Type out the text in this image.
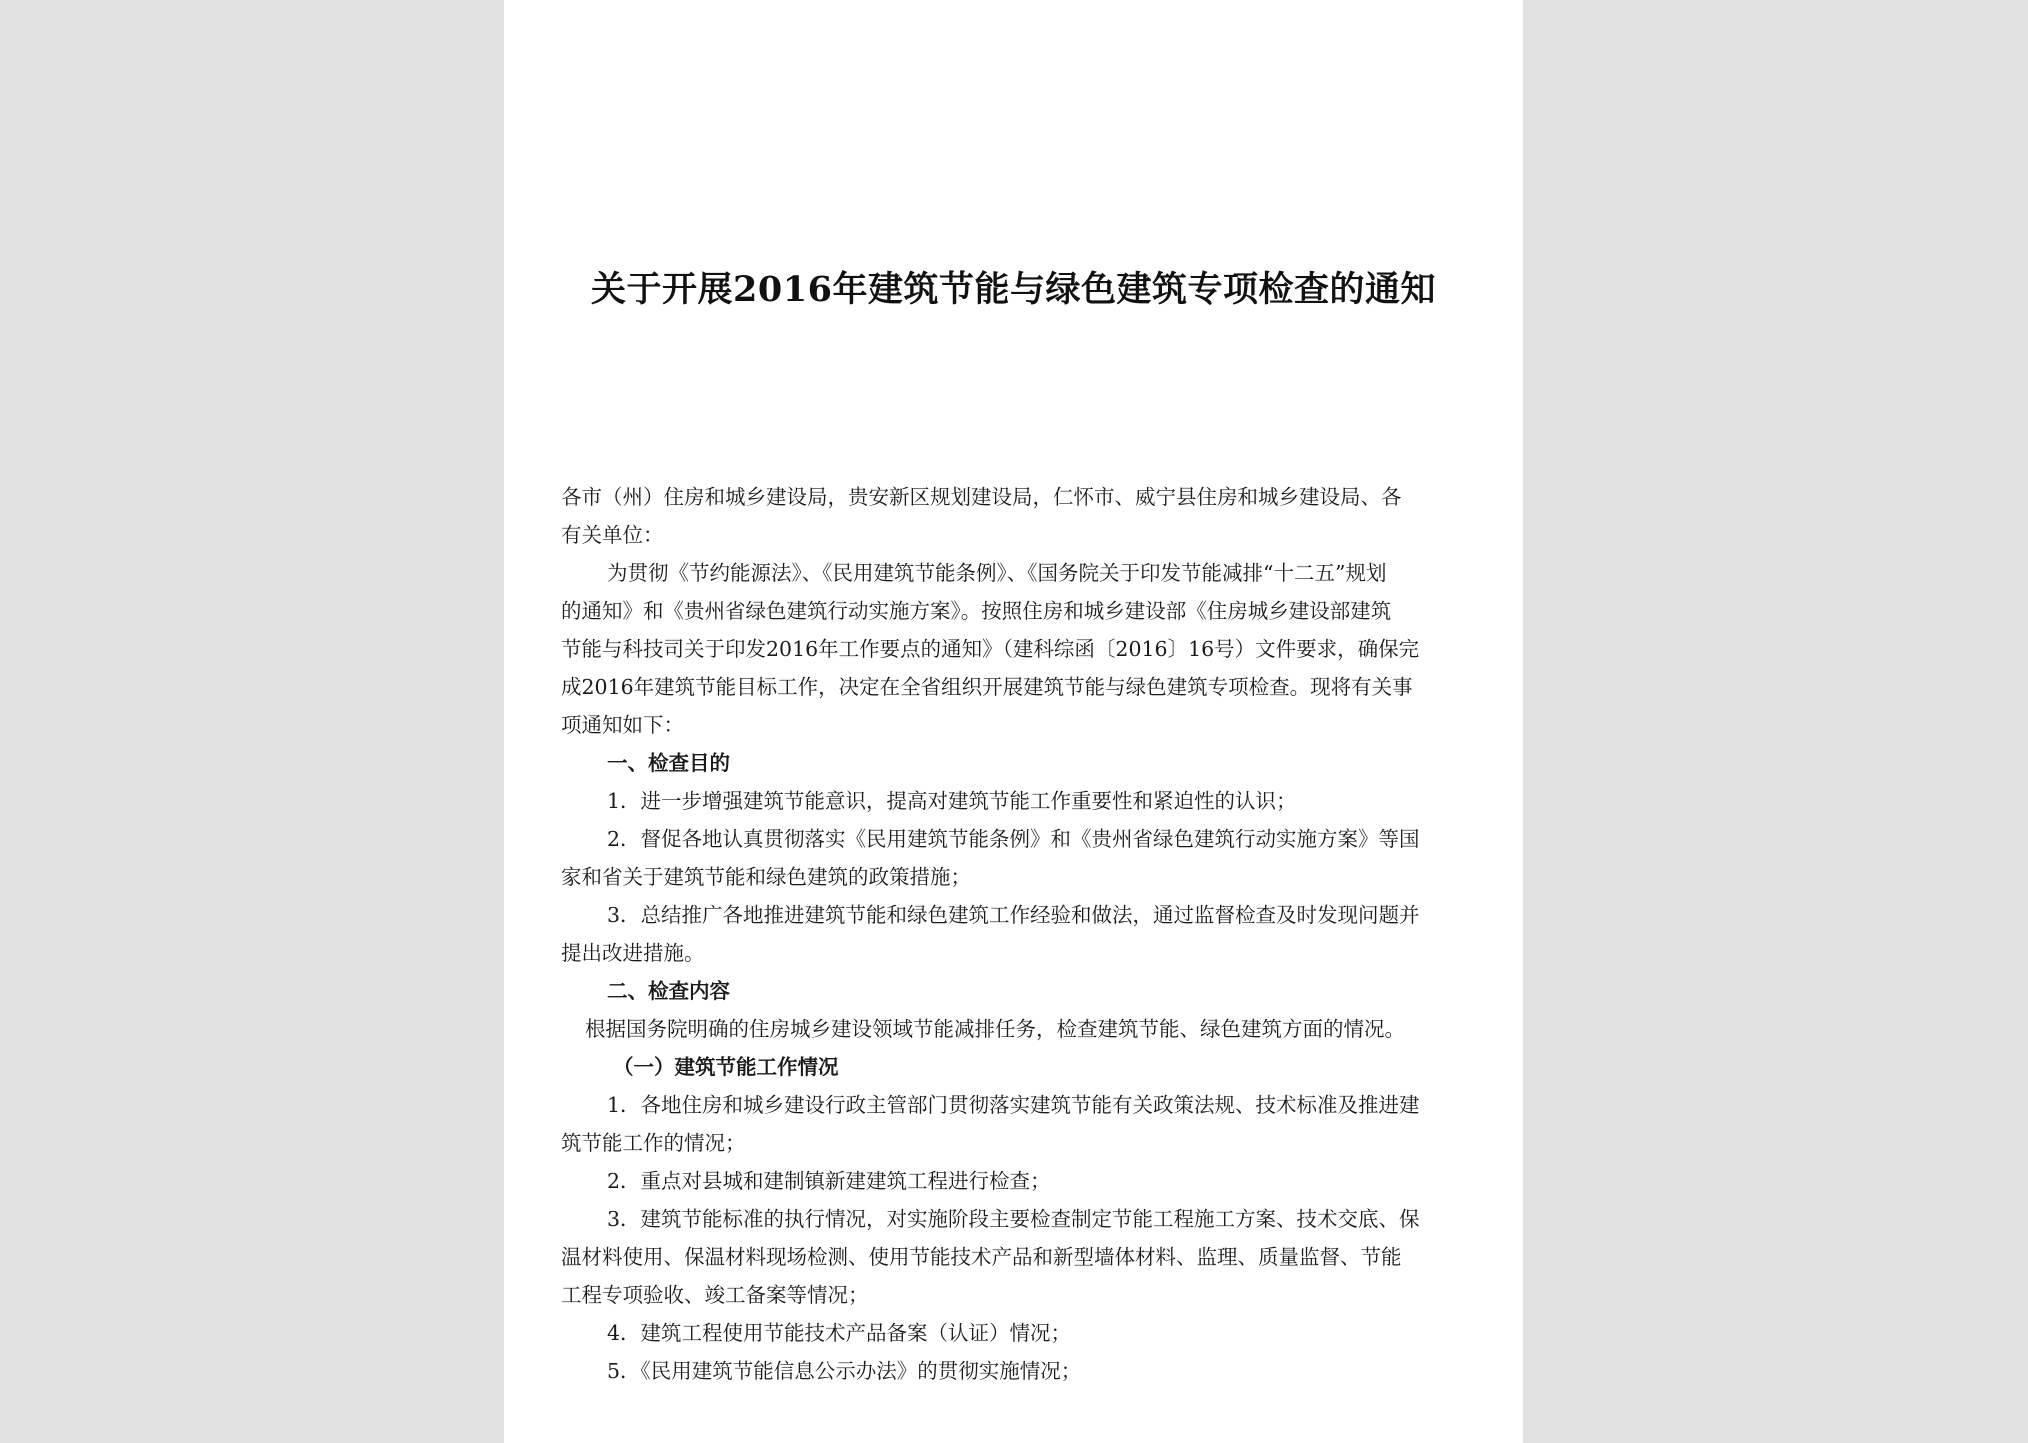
关于开展2016年建筑节能与绿色建筑专项检查的通知

各市（州）住房和城乡建设局，贵安新区规划建设局，仁怀市、威宁县住房和城乡建设局、各

有关单位：

为贯彻《节约能源法》、《民用建筑节能条例》、《国务院关于印发节能减排“十二五”规划

的通知》和《贵州省绿色建筑行动实施方案》。按照住房和城乡建设部《住房城乡建设部建筑

节能与科技司关于印发2016年工作要点的通知》（建科综函〔2016〕16号）文件要求，确保完

成2016年建筑节能目标工作，决定在全省组织开展建筑节能与绿色建筑专项检查。现将有关事

项通知如下：

一、检查目的

1．进一步增强建筑节能意识，提高对建筑节能工作重要性和紧迫性的认识；

2．督促各地认真贯彻落实《民用建筑节能条例》和《贵州省绿色建筑行动实施方案》等国

家和省关于建筑节能和绿色建筑的政策措施；

3．总结推广各地推进建筑节能和绿色建筑工作经验和做法，通过监督检查及时发现问题并

提出改进措施。

二、检查内容

根据国务院明确的住房城乡建设领域节能减排任务，检查建筑节能、绿色建筑方面的情况。

（一）建筑节能工作情况

1．各地住房和城乡建设行政主管部门贯彻落实建筑节能有关政策法规、技术标准及推进建

筑节能工作的情况；

2．重点对县城和建制镇新建建筑工程进行检查；

3．建筑节能标准的执行情况，对实施阶段主要检查制定节能工程施工方案、技术交底、保

温材料使用、保温材料现场检测、使用节能技术产品和新型墙体材料、监理、质量监督、节能

工程专项验收、竣工备案等情况；

4．建筑工程使用节能技术产品备案（认证）情况；

5．《民用建筑节能信息公示办法》的贯彻实施情况；
